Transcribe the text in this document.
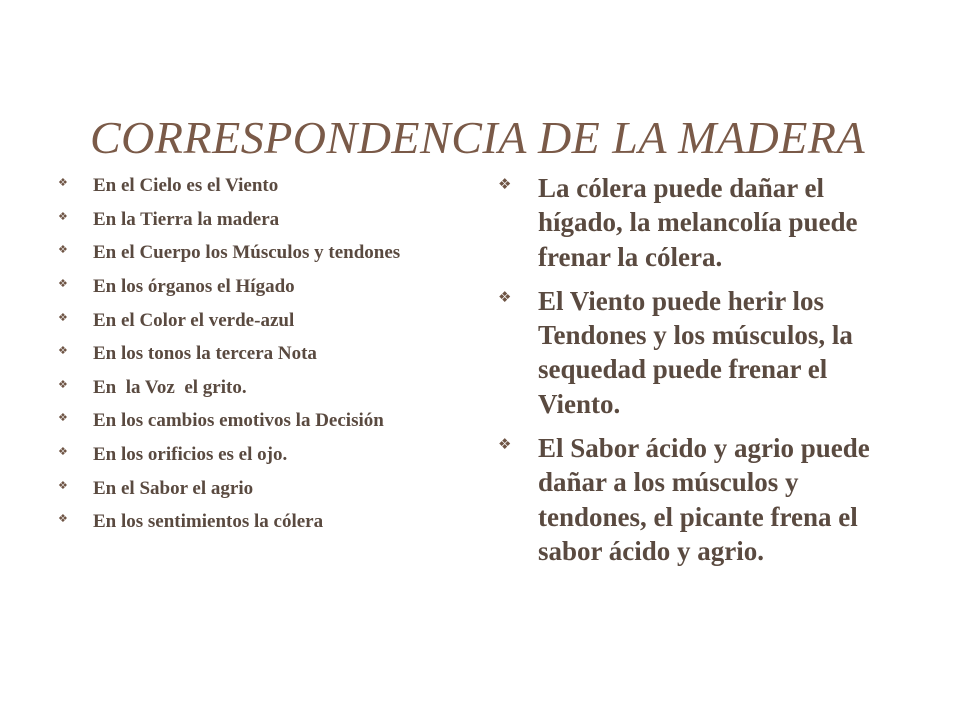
CORRESPONDENCIA DE LA MADERA
❖ En el Cielo es el Viento
❖ En la Tierra la madera
❖ En el Cuerpo los Músculos y tendones
❖ En los órganos el Hígado
❖ En el Color el verde-azul
❖ En los tonos la tercera Nota
❖ En  la Voz  el grito.
❖ En los cambios emotivos la Decisión
❖ En los orificios es el ojo.
❖ En el Sabor el agrio
❖ En los sentimientos la cólera
❖ La cólera puede dañar el hígado, la melancolía puede frenar la cólera.
❖ El Viento puede herir los Tendones y los músculos, la sequedad puede frenar el Viento.
❖ El Sabor ácido y agrio puede dañar a los músculos y tendones, el picante frena el sabor ácido y agrio.
